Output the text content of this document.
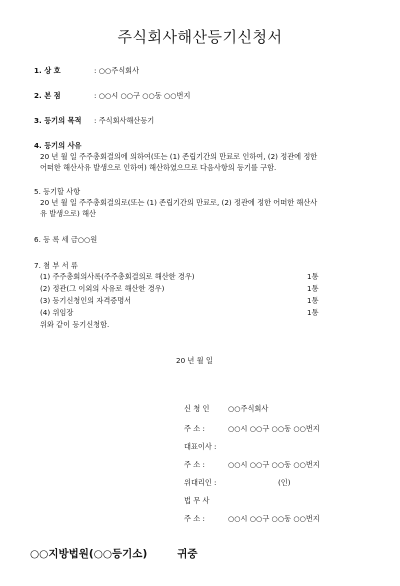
주식회사해산등기신청서
1. 상 호	: ○○주식회사
2. 본 점	: ○○시 ○○구 ○○동 ○○번지
3. 등기의 목적 : 주식회사해산등기
4. 등기의 사유
20 년 월 일 주주총회결의에 의하여(또는 (1) 존립기간의 만료로 인하여, (2) 정관에 정한
어떠한 해산사유 발생으로 인하여) 해산하였으므로 다음사항의 등기를 구함.
5. 등기할 사항
20 년 월 일 주주총회결의로(또는 (1) 존립기간의 만료로, (2) 정관에 정한 어떠한 해산사
유 발생으로) 해산
6. 등 록 세 금○○원
7. 첨 부 서 류
(1) 주주총회의사록(주주총회결의로 해산한 경우)	1통
(2) 정관(그 이외의 사유로 해산한 경우)	1통
(3) 등기신청인의 자격증명서	1통
(4) 위임장	1통
위와 같이 등기신청함.
20 년 월 일
신 청 인	○○주식회사
주 소 :	○○시 ○○구 ○○동 ○○번지
대표이사 :
주 소 :	○○시 ○○구 ○○동 ○○번지
위대리인 :	(인)
법 무 사
주 소 :	○○시 ○○구 ○○동 ○○번지
○○지방법원(○○등기소)	귀중
